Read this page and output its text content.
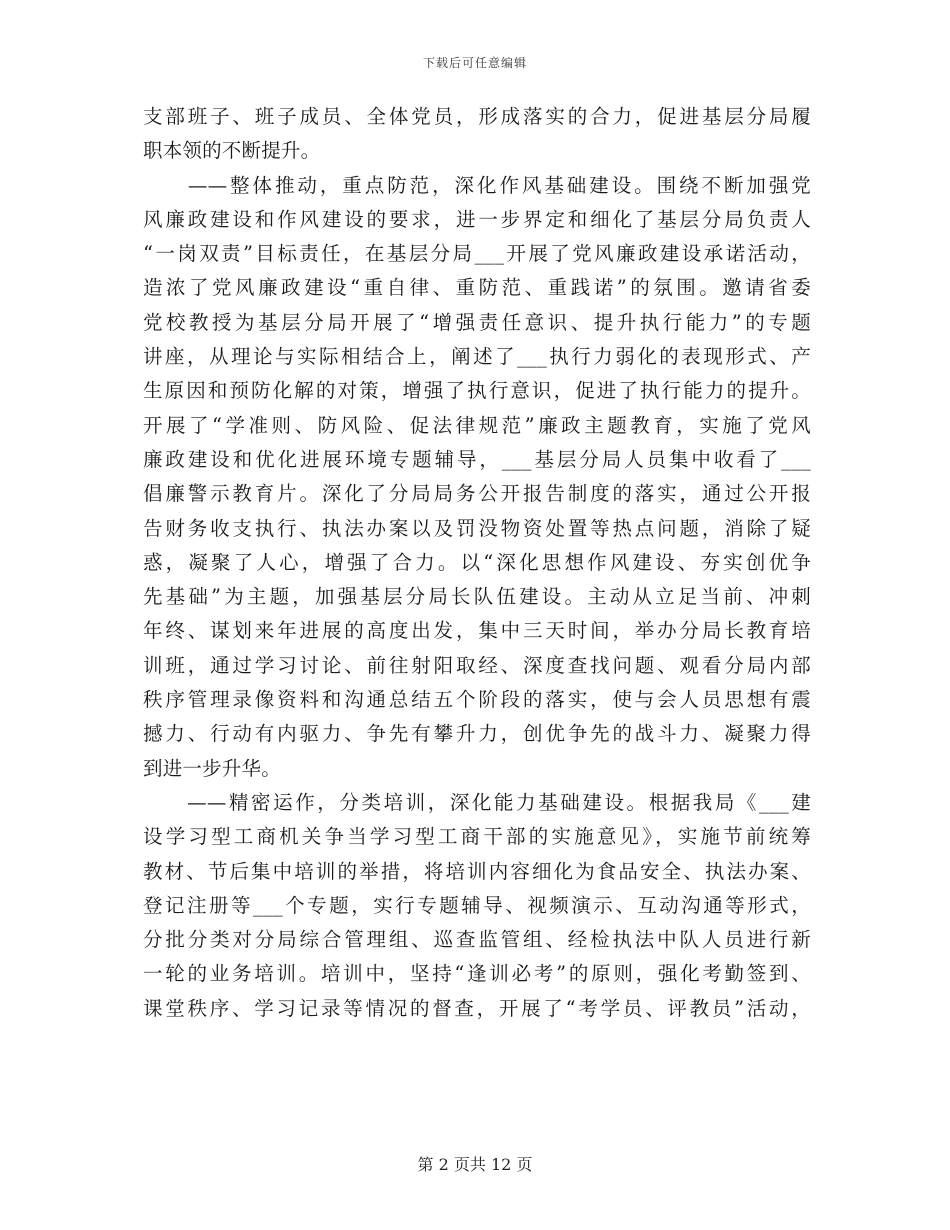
下载后可任意编辑
支部班子、班子成员、全体党员，形成落实的合力，促进基层分局履
职本领的不断提升。
　　——整体推动，重点防范，深化作风基础建设。围绕不断加强党
风廉政建设和作风建设的要求，进一步界定和细化了基层分局负责人
“一岗双责”目标责任，在基层分局___开展了党风廉政建设承诺活动，
造浓了党风廉政建设“重自律、重防范、重践诺”的氛围。邀请省委
党校教授为基层分局开展了“增强责任意识、提升执行能力”的专题
讲座，从理论与实际相结合上，阐述了___执行力弱化的表现形式、产
生原因和预防化解的对策，增强了执行意识，促进了执行能力的提升。
开展了“学准则、防风险、促法律规范”廉政主题教育，实施了党风
廉政建设和优化进展环境专题辅导，___基层分局人员集中收看了___
倡廉警示教育片。深化了分局局务公开报告制度的落实，通过公开报
告财务收支执行、执法办案以及罚没物资处置等热点问题，消除了疑
惑，凝聚了人心，增强了合力。以“深化思想作风建设、夯实创优争
先基础”为主题，加强基层分局长队伍建设。主动从立足当前、冲刺
年终、谋划来年进展的高度出发，集中三天时间，举办分局长教育培
训班，通过学习讨论、前往射阳取经、深度查找问题、观看分局内部
秩序管理录像资料和沟通总结五个阶段的落实，使与会人员思想有震
撼力、行动有内驱力、争先有攀升力，创优争先的战斗力、凝聚力得
到进一步升华。
　　——精密运作，分类培训，深化能力基础建设。根据我局《___建
设学习型工商机关争当学习型工商干部的实施意见》，实施节前统筹
教材、节后集中培训的举措，将培训内容细化为食品安全、执法办案、
登记注册等___个专题，实行专题辅导、视频演示、互动沟通等形式，
分批分类对分局综合管理组、巡查监管组、经检执法中队人员进行新
一轮的业务培训。培训中，坚持“逢训必考”的原则，强化考勤签到、
课堂秩序、学习记录等情况的督查，开展了“考学员、评教员”活动，
第 2 页共 12 页
